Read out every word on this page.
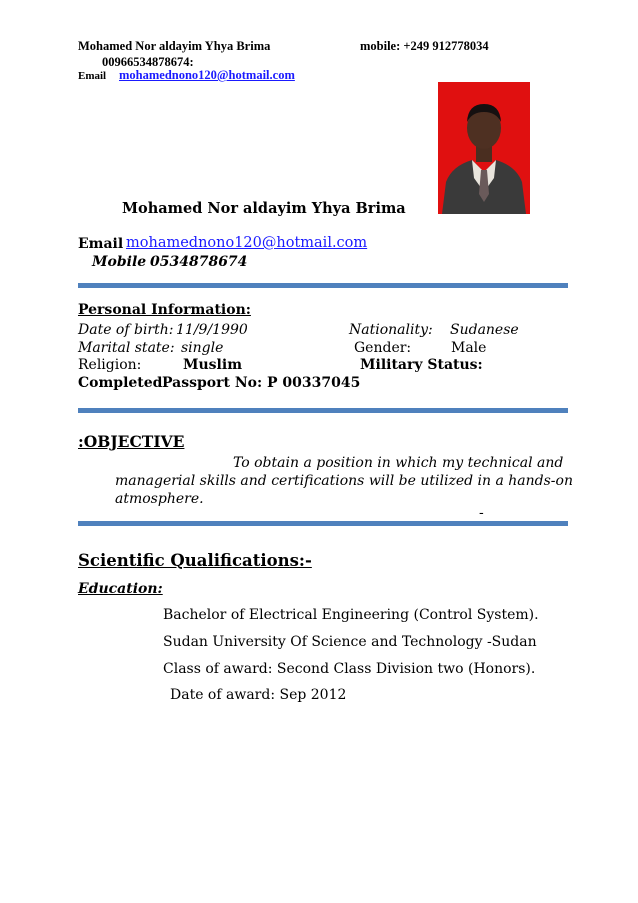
Mohamed Nor aldayim Yhya Brima	mobile: +249 912778034
00966534878674:
Email mohamednono120@hotmail.com
Mohamed Nor aldayim Yhya Brima
Email mohamednono120@hotmail.com
Mobile 0534878674
Personal Information:
Date of birth: 11/9/1990	Nationality: Sudanese
Marital state: single	Gender:	Male
Religion:	Muslim	Military Status:
Completed Passport No: P 00337045
:OBJECTIVE
To obtain a position in which my technical and
managerial skills and certifications will be utilized in a hands-on
atmosphere.
-
Scientific Qualifications:-
Education:
Bachelor of Electrical Engineering (Control System).
Sudan University Of Science and Technology -Sudan
Class of award: Second Class Division two (Honors).
Date of award: Sep 2012
